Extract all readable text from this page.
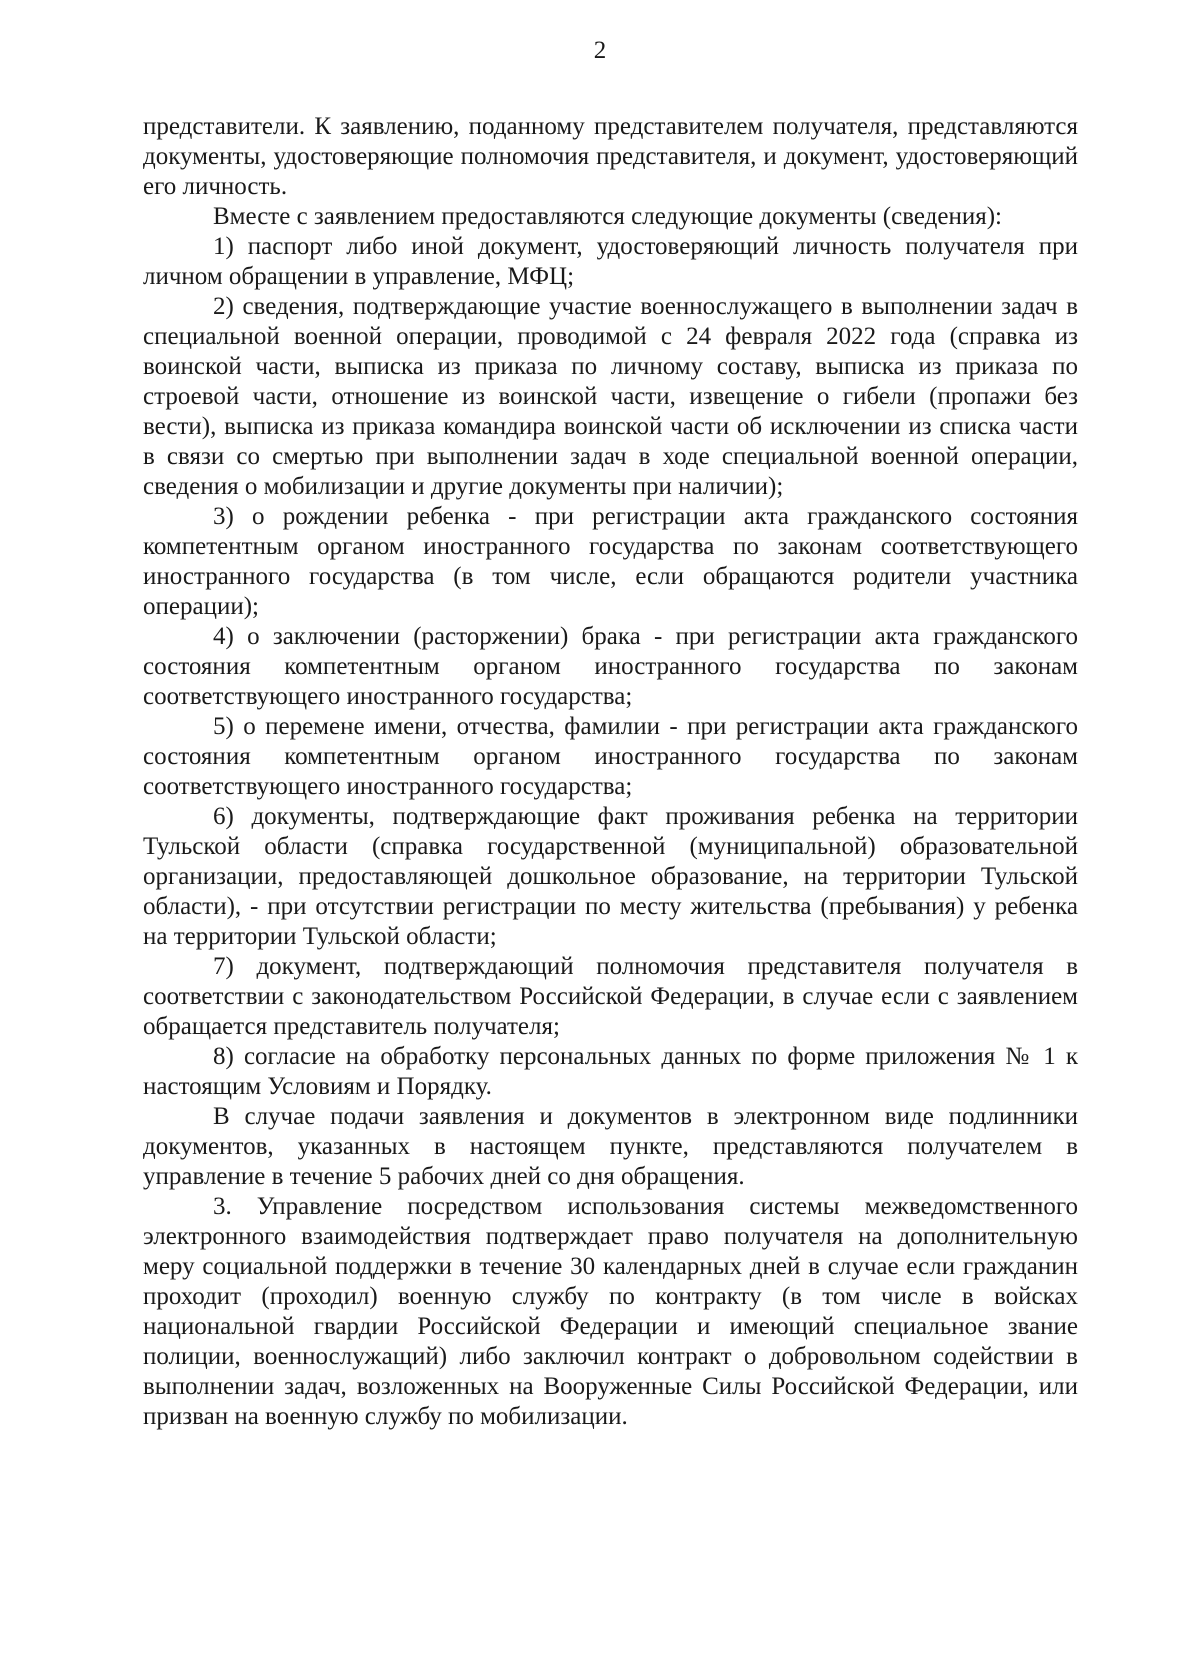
2

представители. К заявлению, поданному представителем получателя, представляются документы, удостоверяющие полномочия представителя, и документ, удостоверяющий его личность.

Вместе с заявлением предоставляются следующие документы (сведения):

1) паспорт либо иной документ, удостоверяющий личность получателя при личном обращении в управление, МФЦ;

2) сведения, подтверждающие участие военнослужащего в выполнении задач в специальной военной операции, проводимой с 24 февраля 2022 года (справка из воинской части, выписка из приказа по личному составу, выписка из приказа по строевой части, отношение из воинской части, извещение о гибели (пропажи без вести), выписка из приказа командира воинской части об исключении из списка части в связи со смертью при выполнении задач в ходе специальной военной операции, сведения о мобилизации и другие документы при наличии);

3) о рождении ребенка - при регистрации акта гражданского состояния компетентным органом иностранного государства по законам соответствующего иностранного государства (в том числе, если обращаются родители участника операции);

4) о заключении (расторжении) брака - при регистрации акта гражданского состояния компетентным органом иностранного государства по законам соответствующего иностранного государства;

5) о перемене имени, отчества, фамилии - при регистрации акта гражданского состояния компетентным органом иностранного государства по законам соответствующего иностранного государства;

6) документы, подтверждающие факт проживания ребенка на территории Тульской области (справка государственной (муниципальной) образовательной организации, предоставляющей дошкольное образование, на территории Тульской области), - при отсутствии регистрации по месту жительства (пребывания) у ребенка на территории Тульской области;

7) документ, подтверждающий полномочия представителя получателя в соответствии с законодательством Российской Федерации, в случае если с заявлением обращается представитель получателя;

8) согласие на обработку персональных данных по форме приложения № 1 к настоящим Условиям и Порядку.

В случае подачи заявления и документов в электронном виде подлинники документов, указанных в настоящем пункте, представляются получателем в управление в течение 5 рабочих дней со дня обращения.

3. Управление посредством использования системы межведомственного электронного взаимодействия подтверждает право получателя на дополнительную меру социальной поддержки в течение 30 календарных дней в случае если гражданин проходит (проходил) военную службу по контракту (в том числе в войсках национальной гвардии Российской Федерации и имеющий специальное звание полиции, военнослужащий) либо заключил контракт о добровольном содействии в выполнении задач, возложенных на Вооруженные Силы Российской Федерации, или призван на военную службу по мобилизации.
